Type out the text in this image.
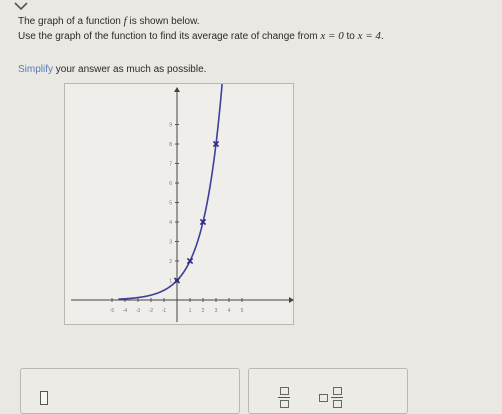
The graph of a function f is shown below.
Use the graph of the function to find its average rate of change from x = 0 to x = 4.
Simplify your answer as much as possible.
-5 -4 -3 -2 -1	1 2 3 4 5
1
2
3
4
5
6
7
8
9
